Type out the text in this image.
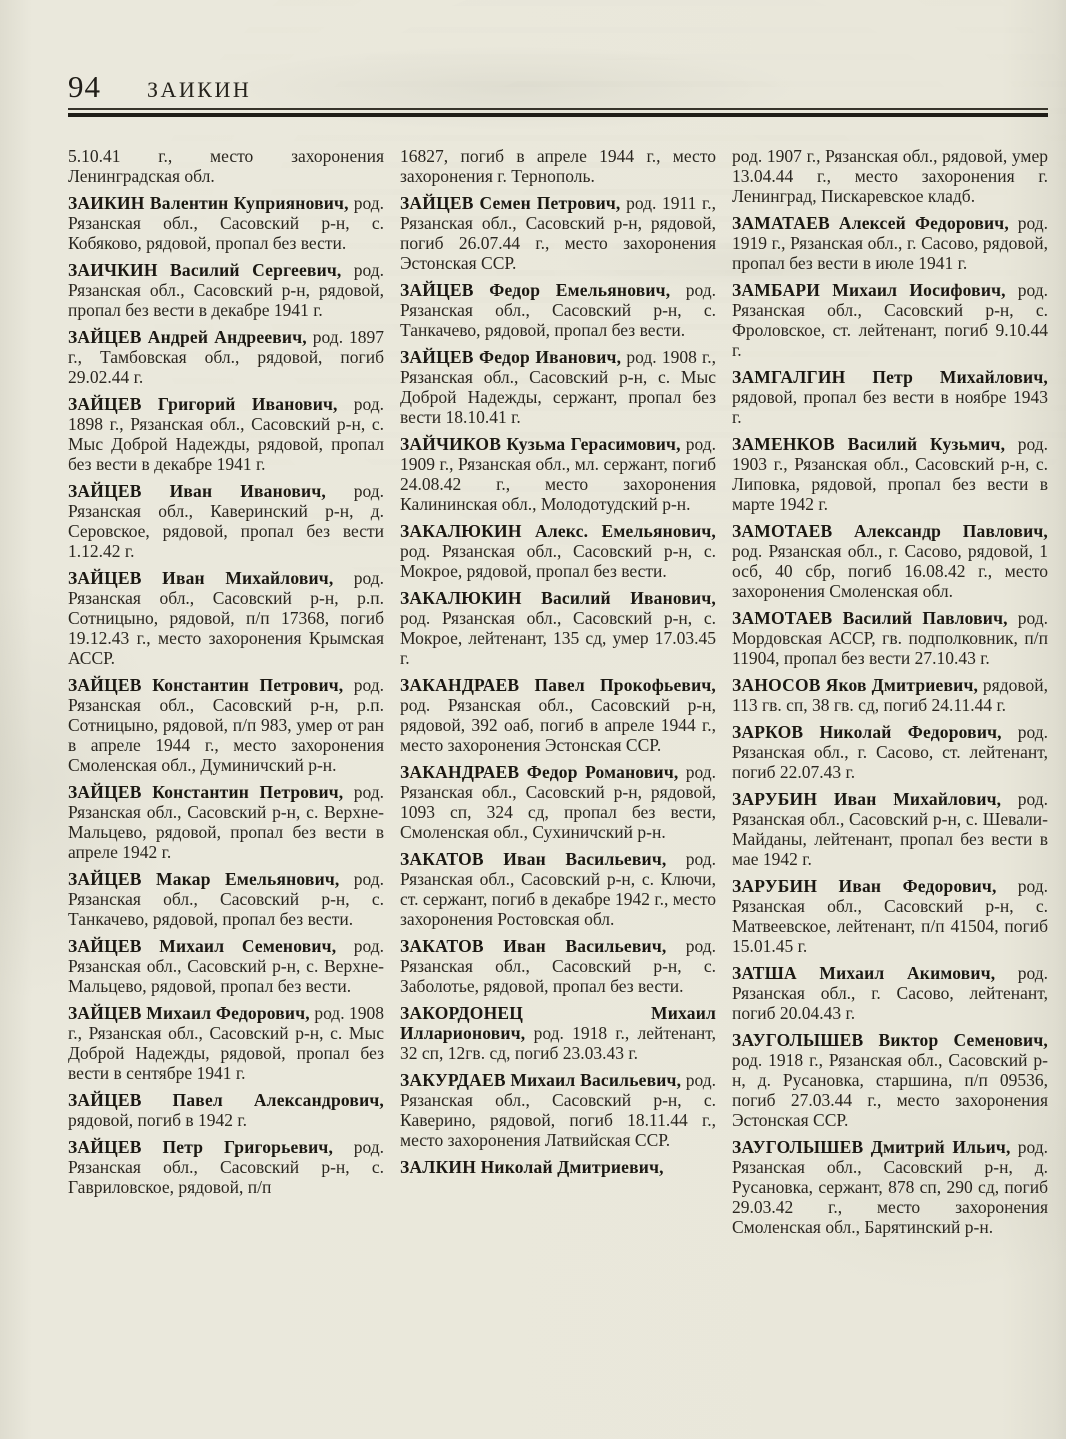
94 ЗАИКИН

5.10.41 г., место захоронения Ленинградская обл.

ЗАИКИН Валентин Куприянович, род. Рязанская обл., Сасовский р-н, с. Кобяково, рядовой, пропал без вести.

ЗАИЧКИН Василий Сергеевич, род. Рязанская обл., Сасовский р-н, рядовой, пропал без вести в декабре 1941 г.

ЗАЙЦЕВ Андрей Андреевич, род. 1897 г., Тамбовская обл., рядовой, погиб 29.02.44 г.

ЗАЙЦЕВ Григорий Иванович, род. 1898 г., Рязанская обл., Сасовский р-н, с. Мыс Доброй Надежды, рядовой, пропал без вести в декабре 1941 г.

ЗАЙЦЕВ Иван Иванович, род. Рязанская обл., Каверинский р-н, д. Серовское, рядовой, пропал без вести 1.12.42 г.

ЗАЙЦЕВ Иван Михайлович, род. Рязанская обл., Сасовский р-н, р.п. Сотницыно, рядовой, п/п 17368, погиб 19.12.43 г., место захоронения Крымская АССР.

ЗАЙЦЕВ Константин Петрович, род. Рязанская обл., Сасовский р-н, р.п. Сотницыно, рядовой, п/п 983, умер от ран в апреле 1944 г., место захоронения Смоленская обл., Думиничский р-н.

ЗАЙЦЕВ Константин Петрович, род. Рязанская обл., Сасовский р-н, с. Верхне-Мальцево, рядовой, пропал без вести в апреле 1942 г.

ЗАЙЦЕВ Макар Емельянович, род. Рязанская обл., Сасовский р-н, с. Танкачево, рядовой, пропал без вести.

ЗАЙЦЕВ Михаил Семенович, род. Рязанская обл., Сасовский р-н, с. Верхне-Мальцево, рядовой, пропал без вести.

ЗАЙЦЕВ Михаил Федорович, род. 1908 г., Рязанская обл., Сасовский р-н, с. Мыс Доброй Надежды, рядовой, пропал без вести в сентябре 1941 г.

ЗАЙЦЕВ Павел Александрович, рядовой, погиб в 1942 г.

ЗАЙЦЕВ Петр Григорьевич, род. Рязанская обл., Сасовский р-н, с. Гавриловское, рядовой, п/п

16827, погиб в апреле 1944 г., место захоронения г. Тернополь.

ЗАЙЦЕВ Семен Петрович, род. 1911 г., Рязанская обл., Сасовский р-н, рядовой, погиб 26.07.44 г., место захоронения Эстонская ССР.

ЗАЙЦЕВ Федор Емельянович, род. Рязанская обл., Сасовский р-н, с. Танкачево, рядовой, пропал без вести.

ЗАЙЦЕВ Федор Иванович, род. 1908 г., Рязанская обл., Сасовский р-н, с. Мыс Доброй Надежды, сержант, пропал без вести 18.10.41 г.

ЗАЙЧИКОВ Кузьма Герасимович, род. 1909 г., Рязанская обл., мл. сержант, погиб 24.08.42 г., место захоронения Калининская обл., Молодотудский р-н.

ЗАКАЛЮКИН Алекс. Емельянович, род. Рязанская обл., Сасовский р-н, с. Мокрое, рядовой, пропал без вести.

ЗАКАЛЮКИН Василий Иванович, род. Рязанская обл., Сасовский р-н, с. Мокрое, лейтенант, 135 сд, умер 17.03.45 г.

ЗАКАНДРАЕВ Павел Прокофьевич, род. Рязанская обл., Сасовский р-н, рядовой, 392 оаб, погиб в апреле 1944 г., место захоронения Эстонская ССР.

ЗАКАНДРАЕВ Федор Романович, род. Рязанская обл., Сасовский р-н, рядовой, 1093 сп, 324 сд, пропал без вести, Смоленская обл., Сухиничский р-н.

ЗАКАТОВ Иван Васильевич, род. Рязанская обл., Сасовский р-н, с. Ключи, ст. сержант, погиб в декабре 1942 г., место захоронения Ростовская обл.

ЗАКАТОВ Иван Васильевич, род. Рязанская обл., Сасовский р-н, с. Заболотье, рядовой, пропал без вести.

ЗАКОРДОНЕЦ Михаил Илларионович, род. 1918 г., лейтенант, 32 сп, 12гв. сд, погиб 23.03.43 г.

ЗАКУРДАЕВ Михаил Васильевич, род. Рязанская обл., Сасовский р-н, с. Каверино, рядовой, погиб 18.11.44 г., место захоронения Латвийская ССР.

ЗАЛКИН Николай Дмитриевич,

род. 1907 г., Рязанская обл., рядовой, умер 13.04.44 г., место захоронения г. Ленинград, Пискаревское кладб.

ЗАМАТАЕВ Алексей Федорович, род. 1919 г., Рязанская обл., г. Сасово, рядовой, пропал без вести в июле 1941 г.

ЗАМБАРИ Михаил Иосифович, род. Рязанская обл., Сасовский р-н, с. Фроловское, ст. лейтенант, погиб 9.10.44 г.

ЗАМГАЛГИН Петр Михайлович, рядовой, пропал без вести в ноябре 1943 г.

ЗАМЕНКОВ Василий Кузьмич, род. 1903 г., Рязанская обл., Сасовский р-н, с. Липовка, рядовой, пропал без вести в марте 1942 г.

ЗАМОТАЕВ Александр Павлович, род. Рязанская обл., г. Сасово, рядовой, 1 осб, 40 сбр, погиб 16.08.42 г., место захоронения Смоленская обл.

ЗАМОТАЕВ Василий Павлович, род. Мордовская АССР, гв. подполковник, п/п 11904, пропал без вести 27.10.43 г.

ЗАНОСОВ Яков Дмитриевич, рядовой, 113 гв. сп, 38 гв. сд, погиб 24.11.44 г.

ЗАРКОВ Николай Федорович, род. Рязанская обл., г. Сасово, ст. лейтенант, погиб 22.07.43 г.

ЗАРУБИН Иван Михайлович, род. Рязанская обл., Сасовский р-н, с. Шевали-Майданы, лейтенант, пропал без вести в мае 1942 г.

ЗАРУБИН Иван Федорович, род. Рязанская обл., Сасовский р-н, с. Матвеевское, лейтенант, п/п 41504, погиб 15.01.45 г.

ЗАТША Михаил Акимович, род. Рязанская обл., г. Сасово, лейтенант, погиб 20.04.43 г.

ЗАУГОЛЫШЕВ Виктор Семенович, род. 1918 г., Рязанская обл., Сасовский р-н, д. Русановка, старшина, п/п 09536, погиб 27.03.44 г., место захоронения Эстонская ССР.

ЗАУГОЛЫШЕВ Дмитрий Ильич, род. Рязанская обл., Сасовский р-н, д. Русановка, сержант, 878 сп, 290 сд, погиб 29.03.42 г., место захоронения Смоленская обл., Барятинский р-н.
